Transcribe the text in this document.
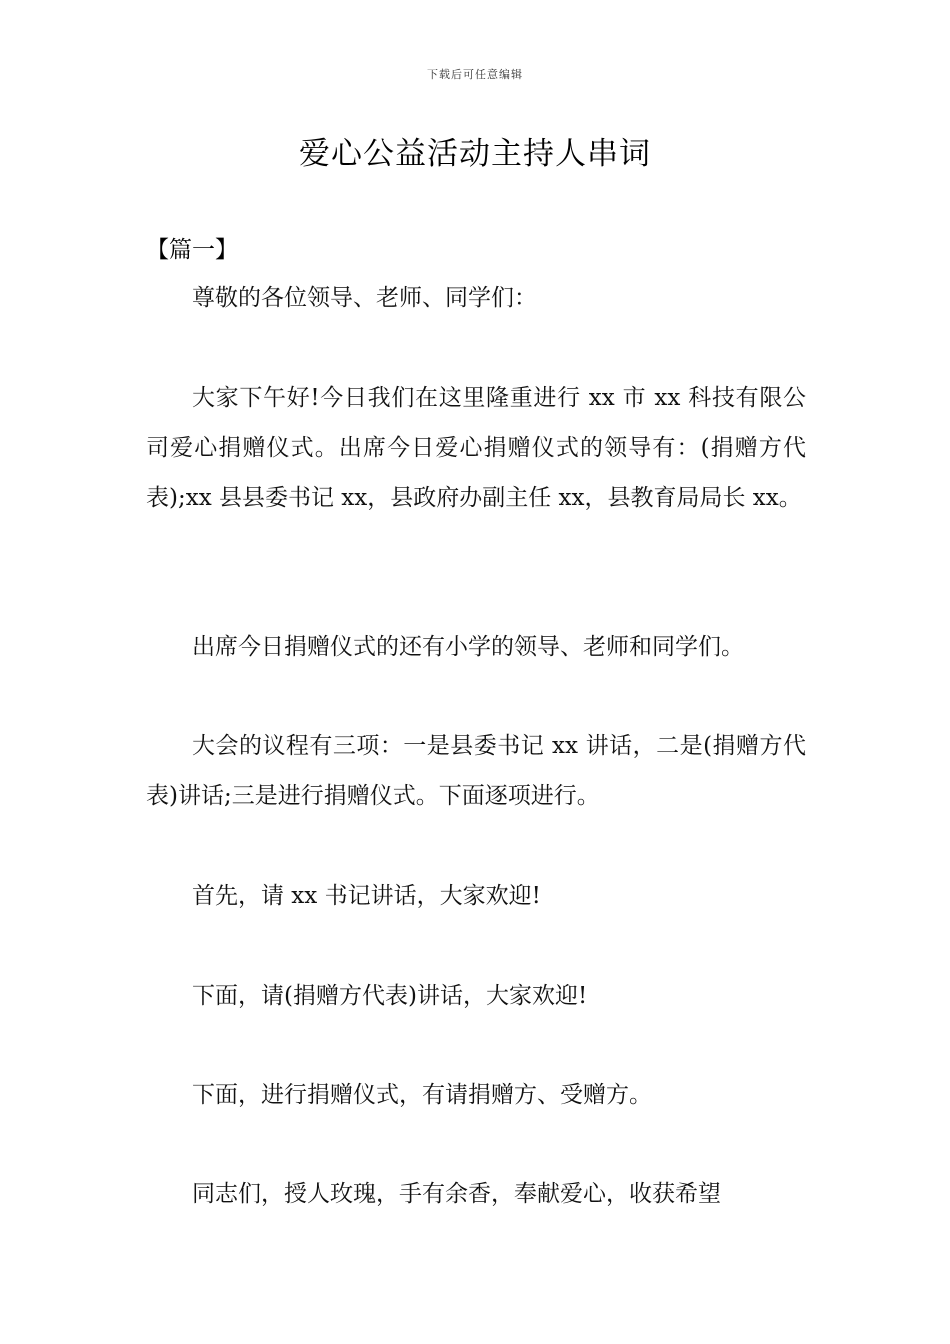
下载后可任意编辑
爱心公益活动主持人串词
【篇一】

尊敬的各位领导、老师、同学们：

大家下午好!今日我们在这里隆重进行 xx 市 xx 科技有限公司爱心捐赠仪式。出席今日爱心捐赠仪式的领导有：(捐赠方代表);xx 县县委书记 xx，县政府办副主任 xx，县教育局局长 xx。

出席今日捐赠仪式的还有小学的领导、老师和同学们。

大会的议程有三项：一是县委书记 xx 讲话，二是(捐赠方代表)讲话;三是进行捐赠仪式。下面逐项进行。

首先，请 xx 书记讲话，大家欢迎!

下面，请(捐赠方代表)讲话，大家欢迎!

下面，进行捐赠仪式，有请捐赠方、受赠方。

同志们，授人玫瑰，手有余香，奉献爱心，收获希望
